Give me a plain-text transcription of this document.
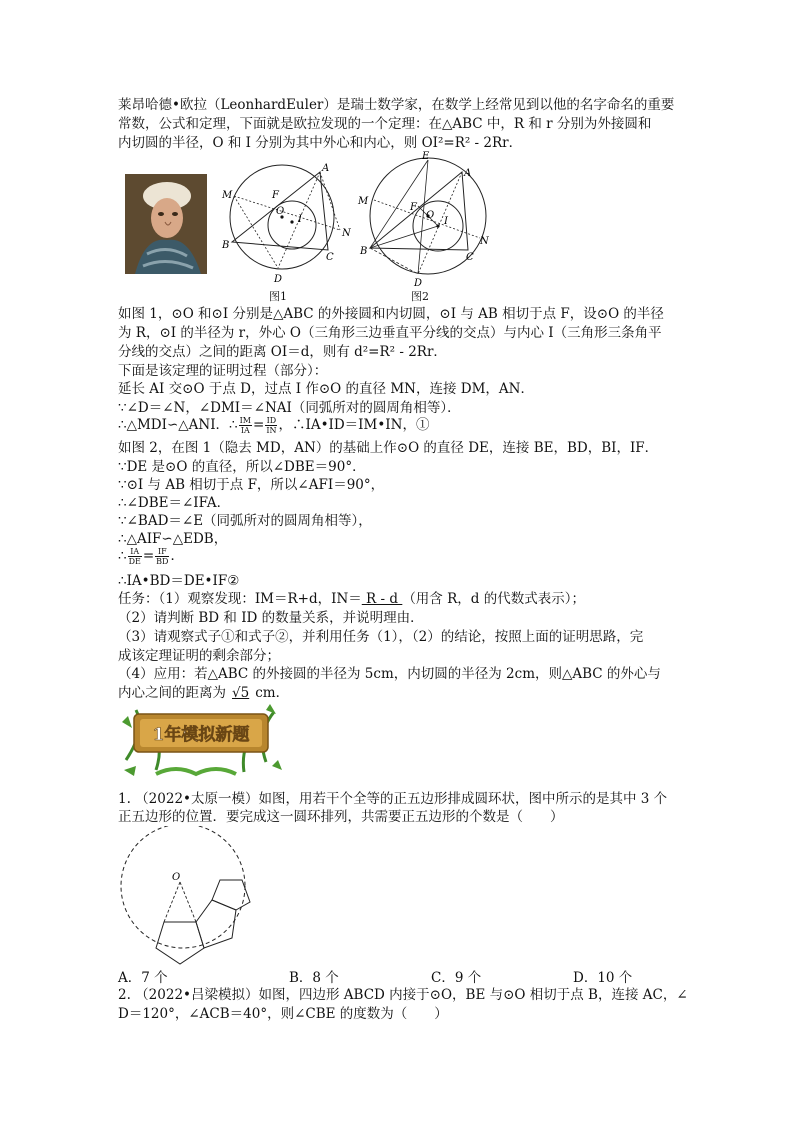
莱昂哈德•欧拉（LeonhardEuler）是瑞士数学家，在数学上经常见到以他的名字命名的重要
常数，公式和定理，下面就是欧拉发现的一个定理：在△ABC 中，R 和 r 分别为外接圆和
内切圆的半径，O 和 I 分别为其中外心和内心，则 OI²=R² - 2Rr．
A
B
C
D
F
M
N
O
I
图1
E
A
B
C
D
F
M
N
O
I
图2
如图 1，⊙O 和⊙I 分别是△ABC 的外接圆和内切圆，⊙I 与 AB 相切于点 F，设⊙O 的半径
为 R，⊙I 的半径为 r，外心 O（三角形三边垂直平分线的交点）与内心 I（三角形三条角平
分线的交点）之间的距离 OI＝d，则有 d²=R² - 2Rr．
下面是该定理的证明过程（部分）：
延长 AI 交⊙O 于点 D，过点 I 作⊙O 的直径 MN，连接 DM，AN．
∵∠D＝∠N，∠DMI＝∠NAI（同弧所对的圆周角相等）．
∴△MDI∽△ANI．∴ $\frac{IM}{IA} = \frac{ID}{IN}$ ，∴IA•ID＝IM•IN，①
如图 2，在图 1（隐去 MD，AN）的基础上作⊙O 的直径 DE，连接 BE，BD，BI，IF．
∵DE 是⊙O 的直径，所以∠DBE＝90°．
∵⊙I 与 AB 相切于点 F，所以∠AFI＝90°，
∴∠DBE＝∠IFA．
∵∠BAD＝∠E（同弧所对的圆周角相等），
∴△AIF∽△EDB，
∴ $\frac{IA}{DE} = \frac{IF}{BD}$ ．
∴IA•BD＝DE•IF②
任务：（1）观察发现：IM＝R+d，IN＝ R - d （用含 R，d 的代数式表示）；
（2）请判断 BD 和 ID 的数量关系，并说明理由．
（3）请观察式子①和式子②，并利用任务（1），（2）的结论，按照上面的证明思路，完
成该定理证明的剩余部分；
（4）应用：若△ABC 的外接圆的半径为 5cm，内切圆的半径为 2cm，则△ABC 的外心与
内心之间的距离为 √5 cm．
1年模拟新题
1. （2022•太原一模）如图，用若干个全等的正五边形排成圆环状，图中所示的是其中 3 个
正五边形的位置．要完成这一圆环排列，共需要正五边形的个数是（　　）
O
A．7 个	B．8 个	C．9 个	D．10 个
2. （2022•吕梁模拟）如图，四边形 ABCD 内接于⊙O，BE 与⊙O 相切于点 B，连接 AC，∠
D＝120°，∠ACB＝40°，则∠CBE 的度数为（　　）
